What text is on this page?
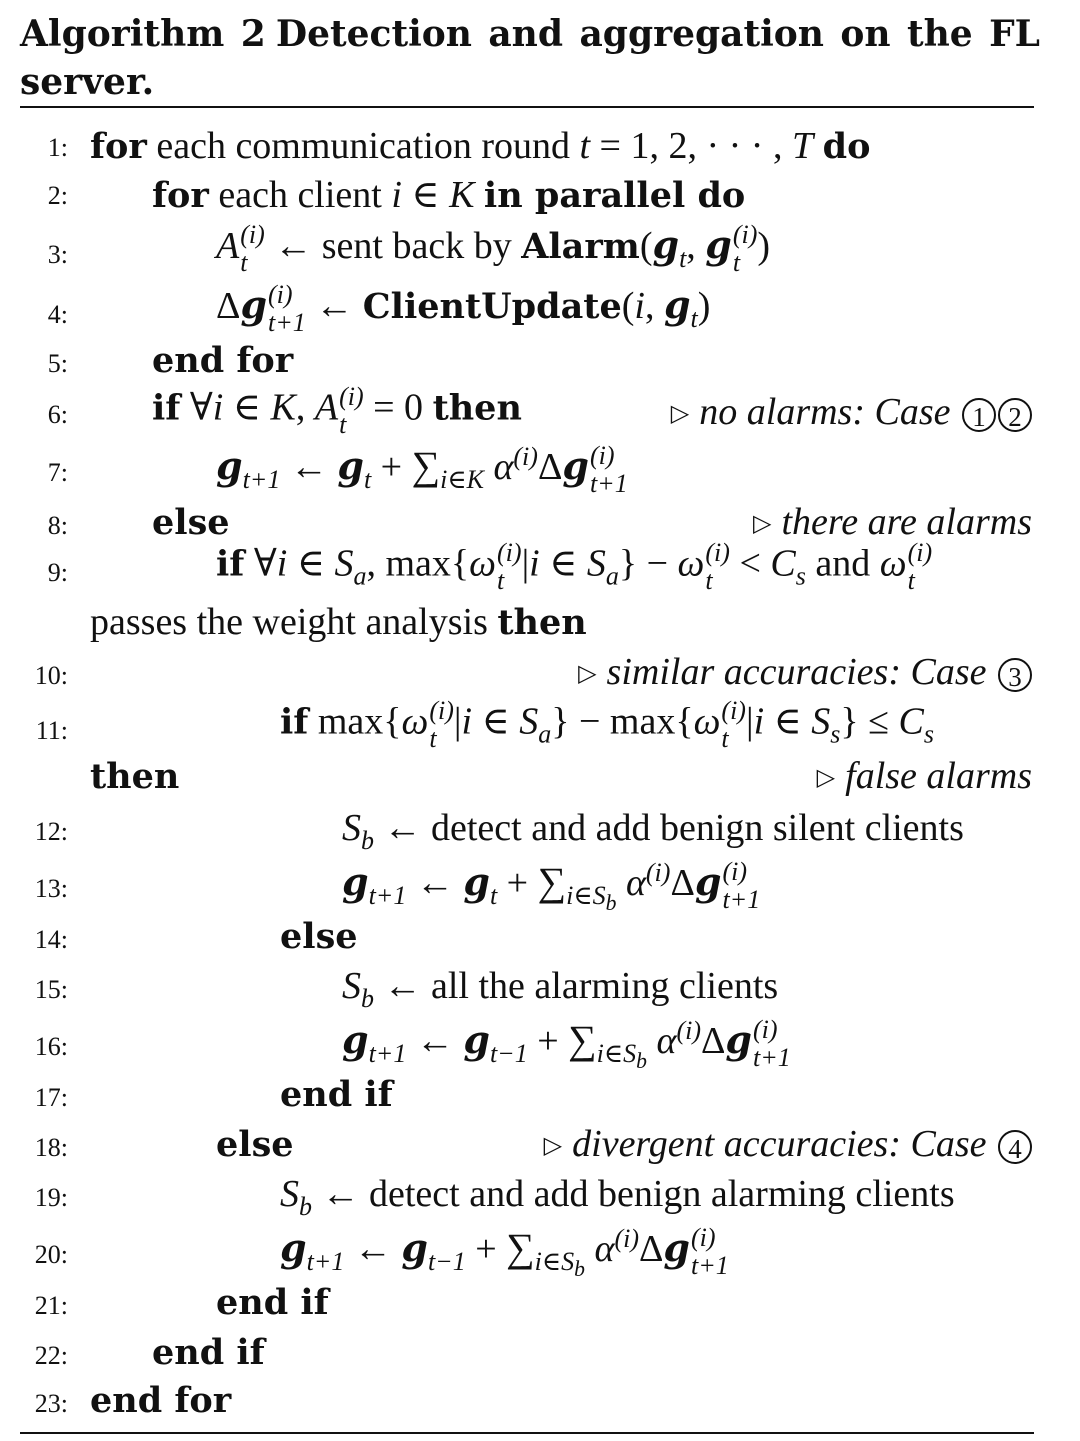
Algorithm 2 Detection and aggregation on the FL server.
1: for each communication round t = 1, 2, · · · , T do
2: for each client i ∈ K in parallel do
3:	A (i)
t ← sent back by $Alarm(g_t$, g (i)
t )
4:	Δg (i)
t+1 ← ClientUpdate(i, $g_t$)
5: end for
6: if ∀i ∈ K, A (i)
t = 0 then	▷ no alarms: Case 1 2
7:	$g_{t+1}$ ← $g_t + \sum_{i\in K}$ $\alpha^{(i)}\Delta g$ (i)
t+1
8: else	▷ there are alarms
9:	if ∀i ∈ $S_a$, max{ω (i)
t |i ∈ $S_a\} - \omega$ (i)
$t < C_s$ and ω (i)
t
passes the weight analysis then
10:	▷ similar accuracies: Case 3
11:	if max{ω (i)
t |i ∈ $S_a\} - \max\{\omega$ (i)
t |i ∈ $S_s\} \le C_s$
then	▷ false alarms
12:	$S_b$ ← detect and add benign silent clients
13:	$g_{t+1}$ ← $g_t + \sum_{i\in S_b}$ $\alpha^{(i)}\Delta g$ (i)
t+1
14:	else
15:	$S_b$ ← all the alarming clients
16:	$g_{t+1}$ ← $g_{t-1} + \sum_{i\in S_b}$ $\alpha^{(i)}\Delta g$ (i)
t+1
17:	end if
18:	else	▷ divergent accuracies: Case 4
19:	$S_b$ ← detect and add benign alarming clients
20:	$g_{t+1}$ ← $g_{t-1} + \sum_{i\in S_b}$ $\alpha^{(i)}\Delta g$ (i)
t+1
21:	end if
22: end if
23: end for
